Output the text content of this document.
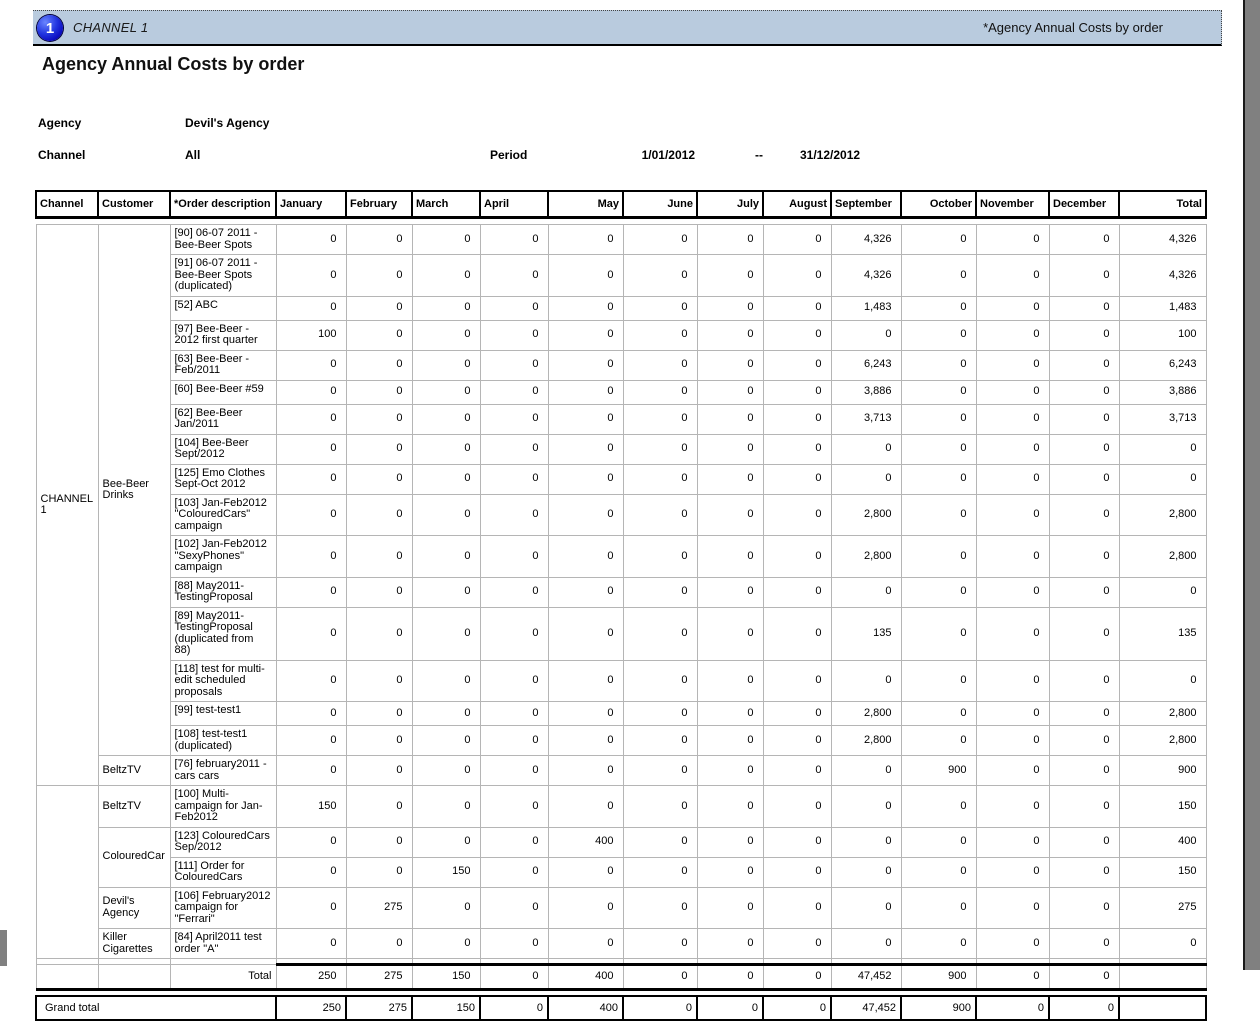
1 CHANNEL 1	*Agency Annual Costs by order
Agency Annual Costs by order
Agency	Devil's Agency
Channel	All	Period	1/01/2012	--	31/12/2012
Channel	Customer	*Order description	January	February	March	April	May	June	July	August	September	October	November	December	Total

CHANNEL 1	Bee-Beer Drinks	[90] 06-07 2011 - Bee-Beer Spots	0	0	0	0	0	0	0	0	4,326	0	0	0	4,326
		[91] 06-07 2011 - Bee-Beer Spots (duplicated)	0	0	0	0	0	0	0	0	4,326	0	0	0	4,326
		[52] ABC	0	0	0	0	0	0	0	0	1,483	0	0	0	1,483
		[97] Bee-Beer - 2012 first quarter	100	0	0	0	0	0	0	0	0	0	0	0	100
		[63] Bee-Beer - Feb/2011	0	0	0	0	0	0	0	0	6,243	0	0	0	6,243
		[60] Bee-Beer #59	0	0	0	0	0	0	0	0	3,886	0	0	0	3,886
		[62] Bee-Beer Jan/2011	0	0	0	0	0	0	0	0	3,713	0	0	0	3,713
		[104] Bee-Beer Sept/2012	0	0	0	0	0	0	0	0	0	0	0	0	0
		[125] Emo Clothes Sept-Oct 2012	0	0	0	0	0	0	0	0	0	0	0	0	0
		[103] Jan-Feb2012 "ColouredCars" campaign	0	0	0	0	0	0	0	0	2,800	0	0	0	2,800
		[102] Jan-Feb2012 "SexyPhones" campaign	0	0	0	0	0	0	0	0	2,800	0	0	0	2,800
		[88] May2011-TestingProposal	0	0	0	0	0	0	0	0	0	0	0	0	0
		[89] May2011-TestingProposal (duplicated from 88)	0	0	0	0	0	0	0	0	135	0	0	0	135
		[118] test for multi-edit scheduled proposals	0	0	0	0	0	0	0	0	0	0	0	0	0
		[99] test-test1	0	0	0	0	0	0	0	0	2,800	0	0	0	2,800
		[108] test-test1 (duplicated)	0	0	0	0	0	0	0	0	2,800	0	0	0	2,800
	BeltzTV	[76] february2011 - cars cars	0	0	0	0	0	0	0	0	0	900	0	0	900
	BeltzTV	[100] Multi-campaign for Jan-Feb2012	150	0	0	0	0	0	0	0	0	0	0	0	150
	ColouredCar	[123] ColouredCars Sep/2012	0	0	0	0	400	0	0	0	0	0	0	0	400
		[111] Order for ColouredCars	0	0	150	0	0	0	0	0	0	0	0	0	150
	Devil's Agency	[106] February2012 campaign for "Ferrari"	0	275	0	0	0	0	0	0	0	0	0	0	275
	Killer Cigarettes	[84] April2011 test order "A"	0	0	0	0	0	0	0	0	0	0	0	0	0

		Total	250	275	150	0	400	0	0	0	47,452	900	0	0	
Grand total	250	275	150	0	400	0	0	0	47,452	900	0	0	
